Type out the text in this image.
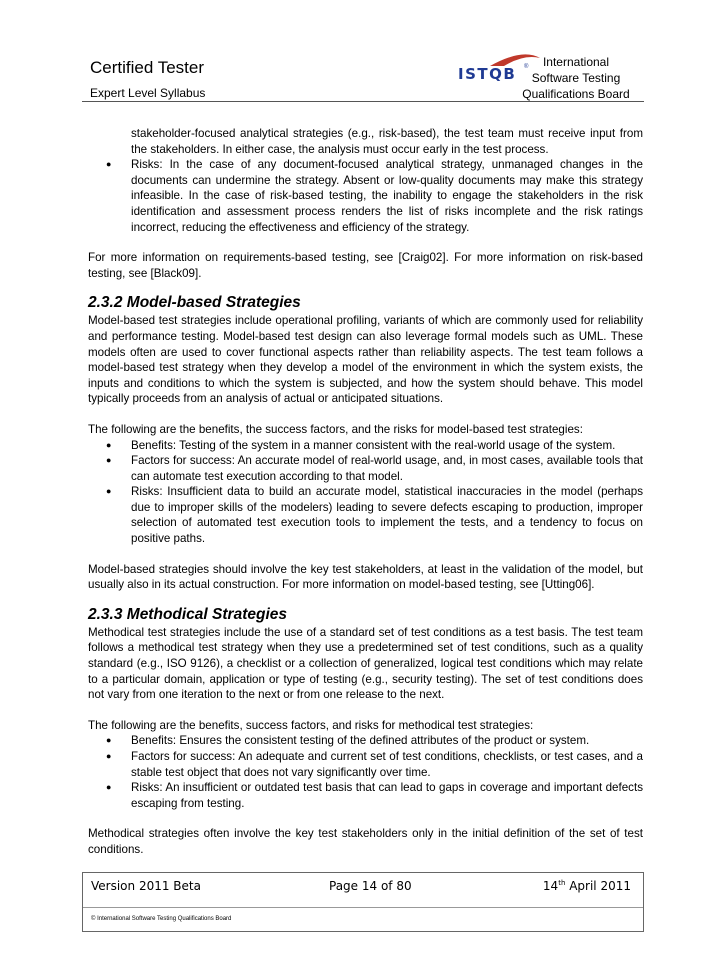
Certified Tester
Expert Level Syllabus
ISTQB ®	International
Software Testing
Qualifications Board
stakeholder-focused analytical strategies (e.g., risk-based), the test team must receive input from the stakeholders. In either case, the analysis must occur early in the test process.
● Risks: In the case of any document-focused analytical strategy, unmanaged changes in the documents can undermine the strategy. Absent or low-quality documents may make this strategy infeasible. In the case of risk-based testing, the inability to engage the stakeholders in the risk identification and assessment process renders the list of risks incomplete and the risk ratings incorrect, reducing the effectiveness and efficiency of the strategy.

For more information on requirements-based testing, see [Craig02]. For more information on risk-based testing, see [Black09].

2.3.2 Model-based Strategies

Model-based test strategies include operational profiling, variants of which are commonly used for reliability and performance testing. Model-based test design can also leverage formal models such as UML. These models often are used to cover functional aspects rather than reliability aspects. The test team follows a model-based test strategy when they develop a model of the environment in which the system exists, the inputs and conditions to which the system is subjected, and how the system should behave. This model typically proceeds from an analysis of actual or anticipated situations.

The following are the benefits, the success factors, and the risks for model-based test strategies:

● Benefits: Testing of the system in a manner consistent with the real-world usage of the system.
● Factors for success: An accurate model of real-world usage, and, in most cases, available tools that can automate test execution according to that model.
● Risks: Insufficient data to build an accurate model, statistical inaccuracies in the model (perhaps due to improper skills of the modelers) leading to severe defects escaping to production, improper selection of automated test execution tools to implement the tests, and a tendency to focus on positive paths.

Model-based strategies should involve the key test stakeholders, at least in the validation of the model, but usually also in its actual construction. For more information on model-based testing, see [Utting06].

2.3.3 Methodical Strategies

Methodical test strategies include the use of a standard set of test conditions as a test basis. The test team follows a methodical test strategy when they use a predetermined set of test conditions, such as a quality standard (e.g., ISO 9126), a checklist or a collection of generalized, logical test conditions which may relate to a particular domain, application or type of testing (e.g., security testing). The set of test conditions does not vary from one iteration to the next or from one release to the next.

The following are the benefits, success factors, and risks for methodical test strategies:

● Benefits: Ensures the consistent testing of the defined attributes of the product or system.
● Factors for success: An adequate and current set of test conditions, checklists, or test cases, and a stable test object that does not vary significantly over time.
● Risks: An insufficient or outdated test basis that can lead to gaps in coverage and important defects escaping from testing.

Methodical strategies often involve the key test stakeholders only in the initial definition of the set of test conditions.

Version 2011 Beta	Page 14 of 80	14th April 2011
© International Software Testing Qualifications Board
